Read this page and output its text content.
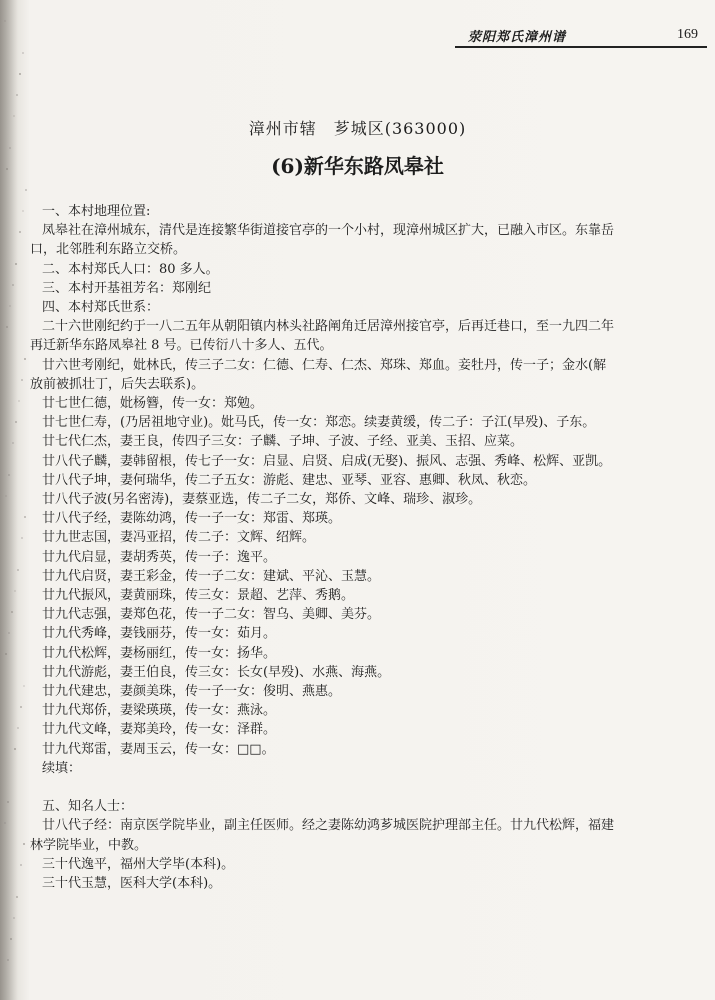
荥阳郑氏漳州谱	169
漳州市辖　芗城区(363000)
(6)新华东路凤皋社

一、本村地理位置:

凤皋社在漳州城东，清代是连接繁华街道接官亭的一个小村，现漳州城区扩大，已融入市区。东靠岳

口，北邻胜利东路立交桥。

二、本村郑氏人口：80 多人。

三、本村开基祖芳名：郑刚纪

四、本村郑氏世系：

二十六世刚纪约于一八二五年从朝阳镇内林头社路阐角迁居漳州接官亭，后再迁巷口，至一九四二年

再迁新华东路凤皋社 8 号。已传衍八十多人、五代。

廿六世考刚纪，妣林氏，传三子二女：仁德、仁寿、仁杰、郑珠、郑血。妾牡丹，传一子；金水(解

放前被抓壮丁，后失去联系)。

廿七世仁德，妣杨簪，传一女：郑勉。

廿七世仁寿，(乃居祖地守业)。妣马氏，传一女：郑恋。续妻黄缓，传二子：子江(早殁)、子东。

廿七代仁杰，妻王良，传四子三女：子麟、子坤、子波、子经、亚美、玉招、应菜。

廿八代子麟，妻韩留根，传七子一女：启显、启贤、启成(无娶)、振风、志强、秀峰、松辉、亚凯。

廿八代子坤，妻何瑞华，传二子五女：游彪、建忠、亚琴、亚容、惠卿、秋凤、秋恋。

廿八代子波(另名密涛)，妻蔡亚选，传二子二女，郑侨、文峰、瑞珍、淑珍。

廿八代子经，妻陈幼鸿，传一子一女：郑雷、郑瑛。

廿九世志国，妻冯亚招，传二子：文辉、绍辉。

廿九代启显，妻胡秀英，传一子：逸平。

廿九代启贤，妻王彩金，传一子二女：建斌、平沁、玉慧。

廿九代振风，妻黄丽珠，传三女：景超、艺萍、秀鹅。

廿九代志强，妻郑色花，传一子二女：智乌、美卿、美芬。

廿九代秀峰，妻钱丽芬，传一女：茹月。

廿九代松辉，妻杨丽红，传一女：扬华。

廿九代游彪，妻王伯良，传三女：长女(早殁)、水燕、海燕。

廿九代建忠，妻颜美珠，传一子一女：俊明、燕惠。

廿九代郑侨，妻梁瑛瑛，传一女：燕泳。

廿九代文峰，妻郑美玲，传一女：泽群。

廿九代郑雷，妻周玉云，传一女：□□。

续填：

五、知名人士：

廿八代子经：南京医学院毕业，副主任医师。经之妻陈幼鸿芗城医院护理部主任。廿九代松辉，福建

林学院毕业，中教。

三十代逸平，福州大学毕(本科)。

三十代玉慧，医科大学(本科)。
